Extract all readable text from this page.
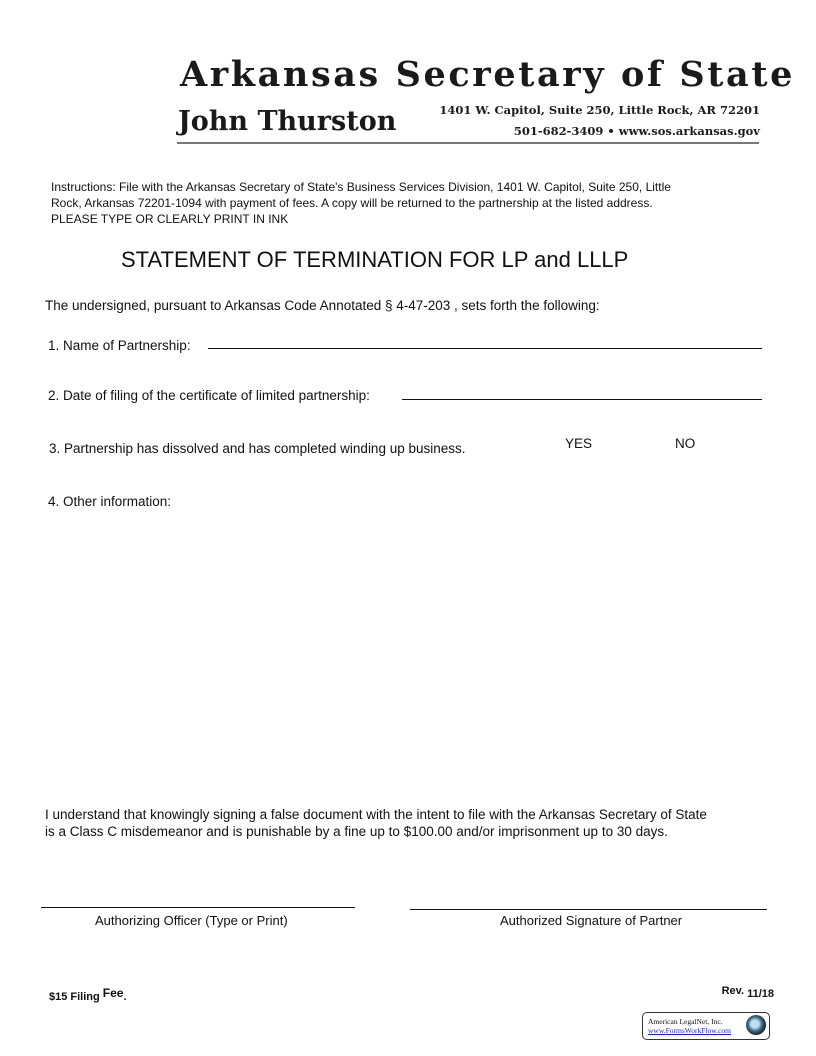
Arkansas Secretary of State
John Thurston	1401 W. Capitol, Suite 250, Little Rock, AR 72201
501-682-3409 • www.sos.arkansas.gov
Instructions: File with the Arkansas Secretary of State's Business Services Division, 1401 W. Capitol, Suite 250, Little
Rock, Arkansas 72201-1094 with payment of fees. A copy will be returned to the partnership at the listed address.
PLEASE TYPE OR CLEARLY PRINT IN INK
STATEMENT OF TERMINATION FOR LP and LLLP
The undersigned, pursuant to Arkansas Code Annotated § 4-47-203 , sets forth the following:
1. Name of Partnership:
2. Date of filing of the certificate of limited partnership:
3. Partnership has dissolved and has completed winding up business.	YES	NO
4. Other information:
I understand that knowingly signing a false document with the intent to file with the Arkansas Secretary of State
is a Class C misdemeanor and is punishable by a fine up to $100.00 and/or imprisonment up to 30 days.
Authorizing Officer (Type or Print)	Authorized Signature of Partner
$15 Filing Fee.	Rev. 11/18
American LegalNet, Inc.
www.FormsWorkFlow.com
